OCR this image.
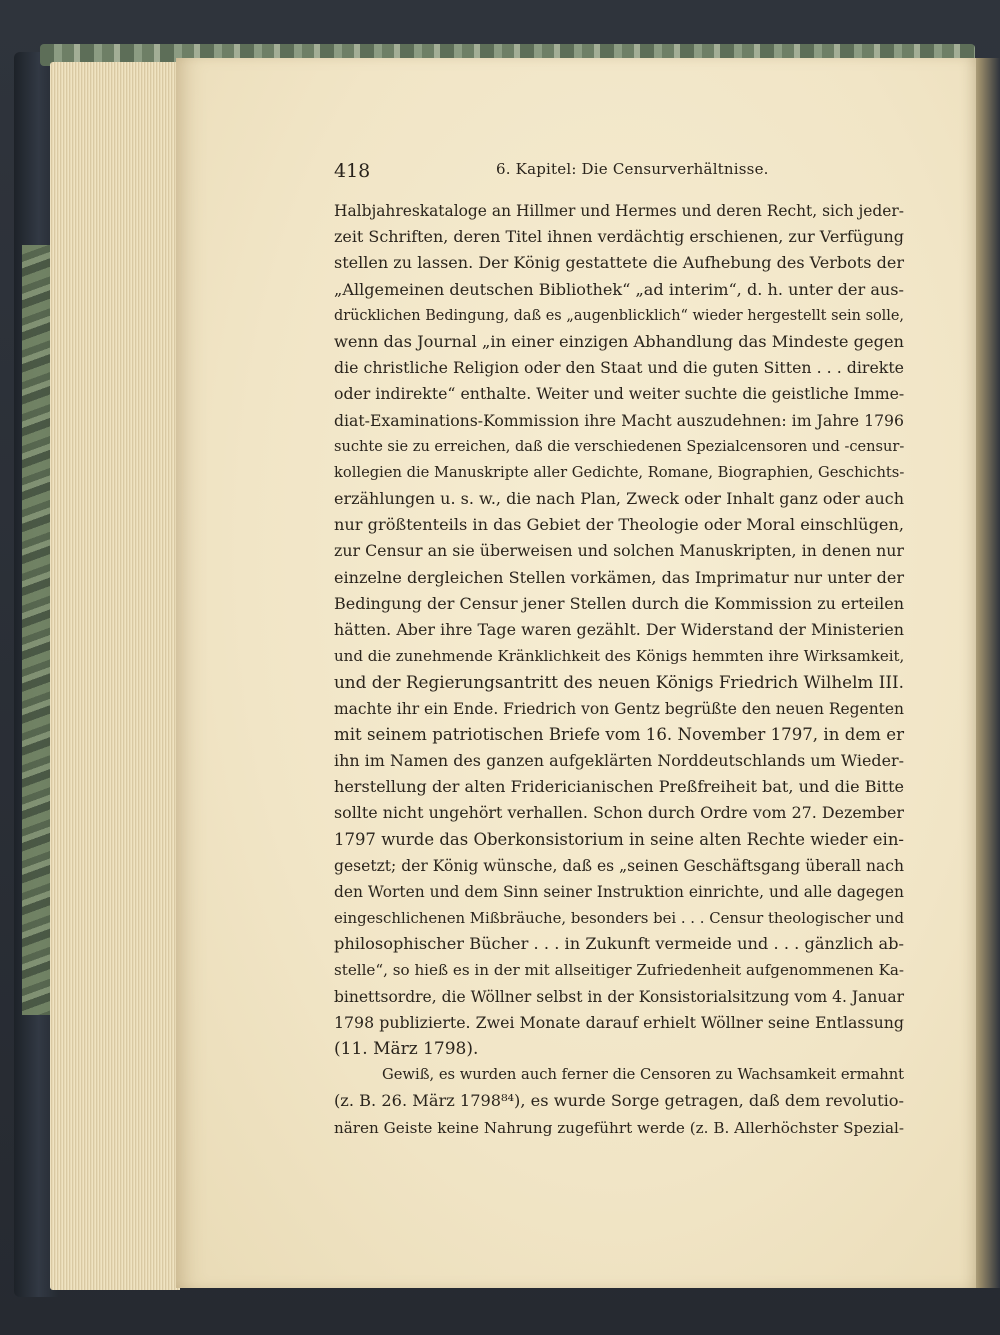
418	6. Kapitel: Die Censurverhältnisse.
Halbjahreskataloge an Hillmer und Hermes und deren Recht, sich jeder-
zeit Schriften, deren Titel ihnen verdächtig erschienen, zur Verfügung
stellen zu lassen. Der König gestattete die Aufhebung des Verbots der
„Allgemeinen deutschen Bibliothek“ „ad interim“, d. h. unter der aus-
drücklichen Bedingung, daß es „augenblicklich“ wieder hergestellt sein solle,
wenn das Journal „in einer einzigen Abhandlung das Mindeste gegen
die christliche Religion oder den Staat und die guten Sitten . . . direkte
oder indirekte“ enthalte. Weiter und weiter suchte die geistliche Imme-
diat-Examinations-Kommission ihre Macht auszudehnen: im Jahre 1796
suchte sie zu erreichen, daß die verschiedenen Spezialcensoren und -censur-
kollegien die Manuskripte aller Gedichte, Romane, Biographien, Geschichts-
erzählungen u. s. w., die nach Plan, Zweck oder Inhalt ganz oder auch
nur größtenteils in das Gebiet der Theologie oder Moral einschlügen,
zur Censur an sie überweisen und solchen Manuskripten, in denen nur
einzelne dergleichen Stellen vorkämen, das Imprimatur nur unter der
Bedingung der Censur jener Stellen durch die Kommission zu erteilen
hätten. Aber ihre Tage waren gezählt. Der Widerstand der Ministerien
und die zunehmende Kränklichkeit des Königs hemmten ihre Wirksamkeit,
und der Regierungsantritt des neuen Königs Friedrich Wilhelm III.
machte ihr ein Ende. Friedrich von Gentz begrüßte den neuen Regenten
mit seinem patriotischen Briefe vom 16. November 1797, in dem er
ihn im Namen des ganzen aufgeklärten Norddeutschlands um Wieder-
herstellung der alten Fridericianischen Preßfreiheit bat, und die Bitte
sollte nicht ungehört verhallen. Schon durch Ordre vom 27. Dezember
1797 wurde das Oberkonsistorium in seine alten Rechte wieder ein-
gesetzt; der König wünsche, daß es „seinen Geschäftsgang überall nach
den Worten und dem Sinn seiner Instruktion einrichte, und alle dagegen
eingeschlichenen Mißbräuche, besonders bei . . . Censur theologischer und
philosophischer Bücher . . . in Zukunft vermeide und . . . gänzlich ab-
stelle“, so hieß es in der mit allseitiger Zufriedenheit aufgenommenen Ka-
binettsordre, die Wöllner selbst in der Konsistorialsitzung vom 4. Januar
1798 publizierte. Zwei Monate darauf erhielt Wöllner seine Entlassung
(11. März 1798).
Gewiß, es wurden auch ferner die Censoren zu Wachsamkeit ermahnt
(z. B. 26. März 1798⁸⁴), es wurde Sorge getragen, daß dem revolutio-
nären Geiste keine Nahrung zugeführt werde (z. B. Allerhöchster Spezial-
